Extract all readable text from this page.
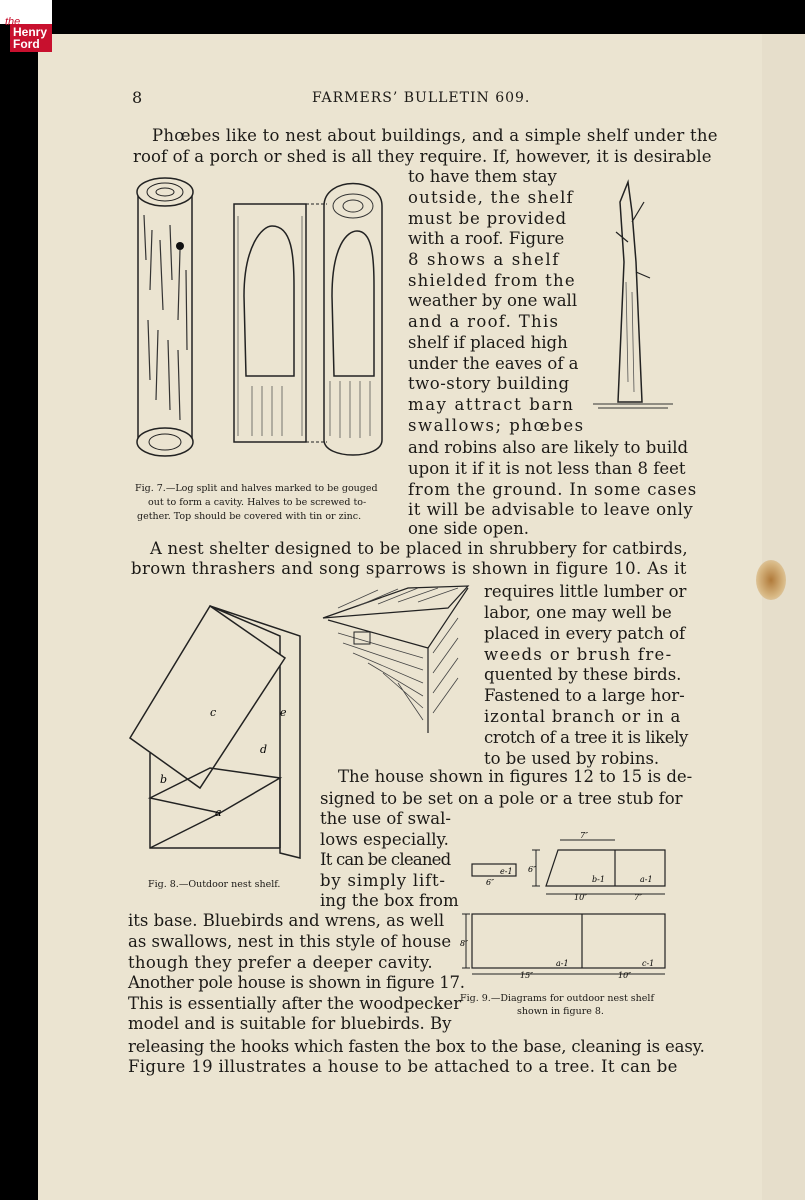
the
Henry
Ford
8	FARMERS’ BULLETIN 609.
Phœbes like to nest about buildings, and a simple shelf under the
roof of a porch or shed is all they require. If, however, it is desirable
to have them stay
outside, the shelf
must be provided
with a roof. Figure
8 shows a shelf
shielded from the
weather by one wall
and a roof. This
shelf if placed high
under the eaves of a
two-story building
may attract barn
swallows; phœbes
and robins also are likely to build
upon it if it is not less than 8 feet
from the ground. In some cases
it will be advisable to leave only
one side open.
A nest shelter designed to be placed in shrubbery for catbirds,
brown thrashers and song sparrows is shown in figure 10. As it
requires little lumber or
labor, one may well be
placed in every patch of
weeds or brush fre-
quented by these birds.
Fastened to a large hor-
izontal branch or in a
crotch of a tree it is likely
to be used by robins.
The house shown in figures 12 to 15 is de-
signed to be set on a pole or a tree stub for
the use of swal-
lows especially.
It can be cleaned
by simply lift-
ing the box from
its base. Bluebirds and wrens, as well
as swallows, nest in this style of house
though they prefer a deeper cavity.
Another pole house is shown in figure 17.
This is essentially after the woodpecker
model and is suitable for bluebirds. By
releasing the hooks which fasten the box to the base, cleaning is easy.
Figure 19 illustrates a house to be attached to a tree. It can be
Fig. 7.—Log split and halves marked to be gouged
out to form a cavity. Halves to be screwed to-
gether. Top should be covered with tin or zinc.
Fig. 8.—Outdoor nest shelf.
Fig. 9.—Diagrams for outdoor nest shelf
shown in figure 8.
c	e
d
b
a
e-1
6″
6″
7″
b-1	a-1
10″	7″
8″
a-1	c-1
15″	10″
